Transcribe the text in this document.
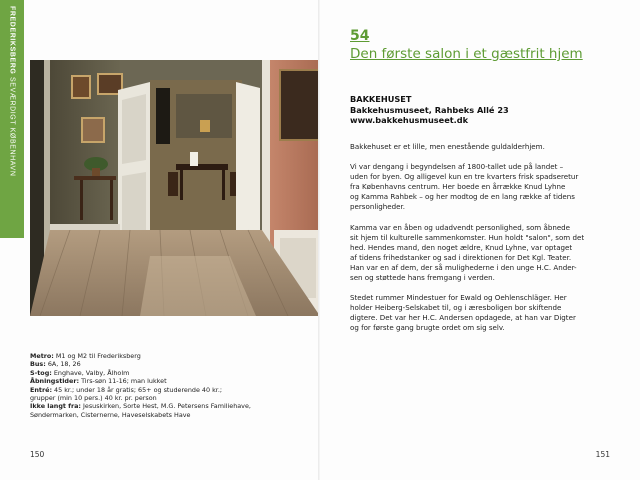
FREDERIKSBERG SEVÆRDIGT KØBENHAVN
Metro: M1 og M2 til Frederiksberg
Bus: 6A, 18, 26
S-tog: Enghave, Valby, Ålholm
Åbningstider: Tirs-søn 11-16; man lukket
Entré: 45 kr.; under 18 år gratis; 65+ og studerende 40 kr.;
grupper (min 10 pers.) 40 kr. pr. person
Ikke langt fra: Jesuskirken, Sorte Hest, M.G. Petersens Familiehave,
Søndermarken, Cisternerne, Haveselskabets Have
150
54
Den første salon i et gæstfrit hjem
BAKKEHUSET
Bakkehusmuseet, Rahbeks Allé 23
www.bakkehusmuseet.dk

Bakkehuset er et lille, men enestående guldalderhjem.

Vi var dengang i begyndelsen af 1800-tallet ude på landet –
uden for byen. Og alligevel kun en tre kvarters frisk spadseretur
fra Københavns centrum. Her boede en årrække Knud Lyhne
og Kamma Rahbek – og her modtog de en lang række af tidens
personligheder.

Kamma var en åben og udadvendt personlighed, som åbnede
sit hjem til kulturelle sammenkomster. Hun holdt "salon", som det
hed. Hendes mand, den noget ældre, Knud Lyhne, var optaget
af tidens frihedstanker og sad i direktionen for Det Kgl. Teater.
Han var en af dem, der så mulighederne i den unge H.C. Ander-
sen og støttede hans fremgang i verden.

Stedet rummer Mindestuer for Ewald og Oehlenschläger. Her
holder Heiberg-Selskabet til, og i æresboligen bor skiftende
digtere. Det var her H.C. Andersen opdagede, at han var Digter
og for første gang brugte ordet om sig selv.

151
